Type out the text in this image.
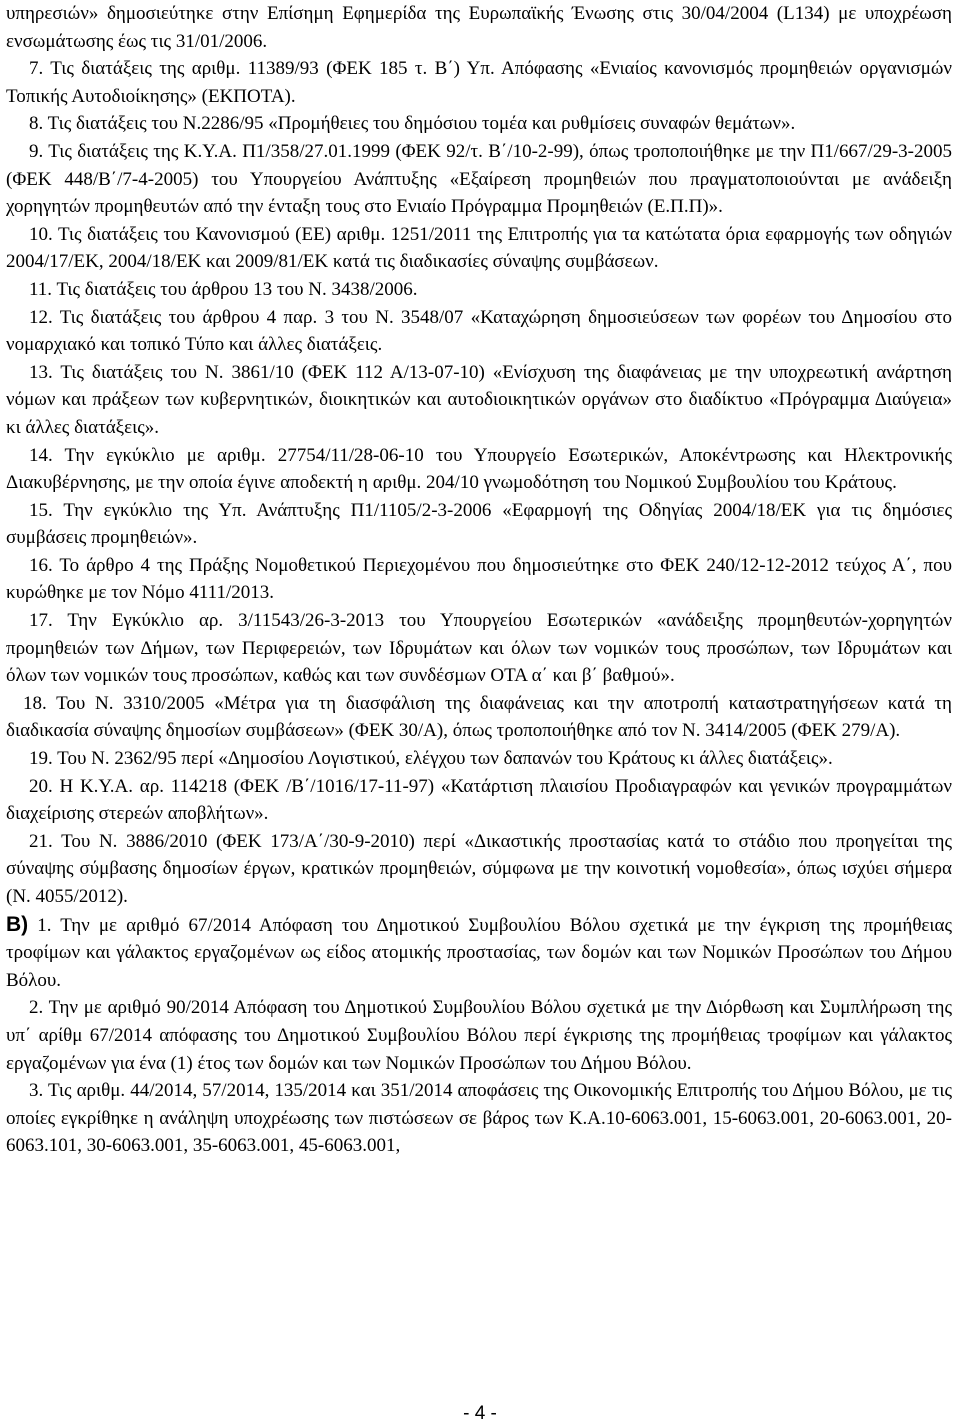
υπηρεσιών» δημοσιεύτηκε στην Επίσημη Εφημερίδα της Ευρωπαϊκής Ένωσης στις 30/04/2004 (L134) με υποχρέωση ενσωμάτωσης έως τις 31/01/2006.

7. Τις διατάξεις της αριθμ. 11389/93 (ΦΕΚ 185 τ. Β΄) Υπ. Απόφασης «Ενιαίος κανονισμός προμηθειών οργανισμών Τοπικής Αυτοδιοίκησης» (ΕΚΠΟΤΑ).

8. Τις διατάξεις του Ν.2286/95 «Προμήθειες του δημόσιου τομέα και ρυθμίσεις συναφών θεμάτων».

9. Τις διατάξεις της Κ.Υ.Α. Π1/358/27.01.1999 (ΦΕΚ 92/τ. Β΄/10-2-99), όπως τροποποιήθηκε με την Π1/667/29-3-2005 (ΦΕΚ 448/Β΄/7-4-2005) του Υπουργείου Ανάπτυξης «Εξαίρεση προμηθειών που πραγματοποιούνται με ανάδειξη χορηγητών προμηθευτών από την ένταξη τους στο Ενιαίο Πρόγραμμα Προμηθειών (Ε.Π.Π)».

10. Τις διατάξεις του Κανονισμού (ΕΕ) αριθμ. 1251/2011 της Επιτροπής για τα κατώτατα όρια εφαρμογής των οδηγιών 2004/17/ΕΚ, 2004/18/ΕΚ και 2009/81/ΕΚ κατά τις διαδικασίες σύναψης συμβάσεων.

11. Τις διατάξεις του άρθρου 13 του Ν. 3438/2006.

12. Τις διατάξεις του άρθρου 4 παρ. 3 του Ν. 3548/07 «Καταχώρηση δημοσιεύσεων των φορέων του Δημοσίου στο νομαρχιακό και τοπικό Τύπο και άλλες διατάξεις.

13. Τις διατάξεις του Ν. 3861/10 (ΦΕΚ 112 Α/13-07-10) «Ενίσχυση της διαφάνειας με την υποχρεωτική ανάρτηση νόμων και πράξεων των κυβερνητικών, διοικητικών και αυτοδιοικητικών οργάνων στο διαδίκτυο «Πρόγραμμα Διαύγεια» κι άλλες διατάξεις».

14. Την εγκύκλιο με αριθμ. 27754/11/28-06-10 του Υπουργείο Εσωτερικών, Αποκέντρωσης και Ηλεκτρονικής Διακυβέρνησης, με την οποία έγινε αποδεκτή η αριθμ. 204/10 γνωμοδότηση του Νομικού Συμβουλίου του Κράτους.

15. Την εγκύκλιο της Υπ. Ανάπτυξης Π1/1105/2-3-2006 «Εφαρμογή της Οδηγίας 2004/18/ΕΚ για τις δημόσιες συμβάσεις προμηθειών».

16. Το άρθρο 4 της Πράξης Νομοθετικού Περιεχομένου που δημοσιεύτηκε στο ΦΕΚ 240/12-12-2012 τεύχος Α΄, που κυρώθηκε με τον Νόμο 4111/2013.

17. Την Εγκύκλιο αρ. 3/11543/26-3-2013 του Υπουργείου Εσωτερικών «ανάδειξης προμηθευτών-χορηγητών προμηθειών των Δήμων, των Περιφερειών, των Ιδρυμάτων και όλων των νομικών τους προσώπων, των Ιδρυμάτων και όλων των νομικών τους προσώπων, καθώς και των συνδέσμων ΟΤΑ α΄ και β΄ βαθμού».

18. Του Ν. 3310/2005 «Μέτρα για τη διασφάλιση της διαφάνειας και την αποτροπή καταστρατηγήσεων κατά τη διαδικασία σύναψης δημοσίων συμβάσεων» (ΦΕΚ 30/Α), όπως τροποποιήθηκε από τον Ν. 3414/2005 (ΦΕΚ 279/Α).

19. Του Ν. 2362/95 περί «Δημοσίου Λογιστικού, ελέγχου των δαπανών του Κράτους κι άλλες διατάξεις».

20. Η Κ.Υ.Α. αρ. 114218 (ΦΕΚ /Β΄/1016/17-11-97) «Κατάρτιση πλαισίου Προδιαγραφών και γενικών προγραμμάτων διαχείρισης στερεών αποβλήτων».

21. Του Ν. 3886/2010 (ΦΕΚ 173/Α΄/30-9-2010) περί «Δικαστικής προστασίας κατά το στάδιο που προηγείται της σύναψης σύμβασης δημοσίων έργων, κρατικών προμηθειών, σύμφωνα με την κοινοτική νομοθεσία», όπως ισχύει σήμερα (Ν. 4055/2012).

Β) 1. Την με αριθμό 67/2014 Απόφαση του Δημοτικού Συμβουλίου Βόλου σχετικά με την έγκριση της προμήθειας τροφίμων και γάλακτος εργαζομένων ως είδος ατομικής προστασίας, των δομών και των Νομικών Προσώπων του Δήμου Βόλου.

2. Την με αριθμό 90/2014 Απόφαση του Δημοτικού Συμβουλίου Βόλου σχετικά με την Διόρθωση και Συμπλήρωση της υπ΄ αρίθμ 67/2014 απόφασης του Δημοτικού Συμβουλίου Βόλου περί έγκρισης της προμήθειας τροφίμων και γάλακτος εργαζομένων για ένα (1) έτος των δομών και των Νομικών Προσώπων του Δήμου Βόλου.

3. Τις αριθμ. 44/2014, 57/2014, 135/2014 και 351/2014 αποφάσεις της Οικονομικής Επιτροπής του Δήμου Βόλου, με τις οποίες εγκρίθηκε η ανάληψη υποχρέωσης των πιστώσεων σε βάρος των Κ.Α.10-6063.001, 15-6063.001, 20-6063.001, 20-6063.101, 30-6063.001, 35-6063.001, 45-6063.001,

- 4 -
